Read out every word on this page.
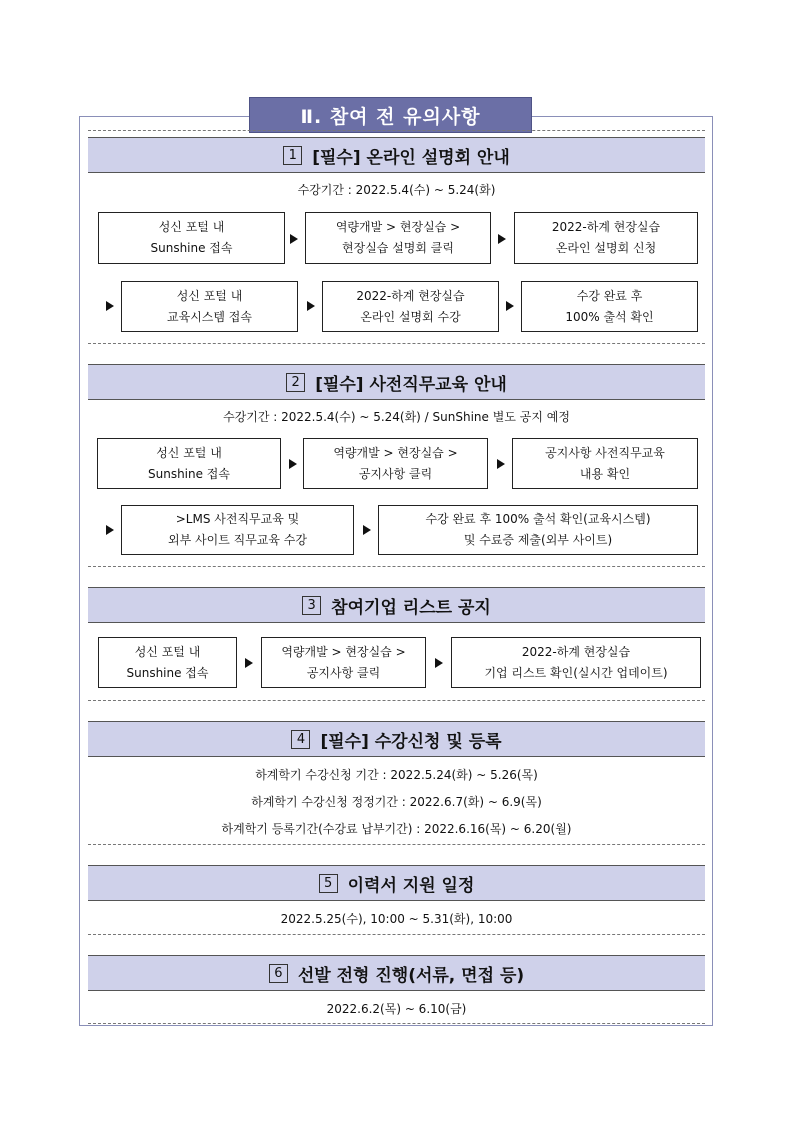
Ⅱ. 참여 전 유의사항
1 [필수] 온라인 설명회 안내
수강기간 : 2022.5.4(수) ~ 5.24(화)
성신 포털 내
Sunshine 접속
역량개발 > 현장실습 >
현장실습 설명회 클릭
2022-하계 현장실습
온라인 설명회 신청
성신 포털 내
교육시스템 접속
2022-하계 현장실습
온라인 설명회 수강
수강 완료 후
100% 출석 확인
2 [필수] 사전직무교육 안내
수강기간 : 2022.5.4(수) ~ 5.24(화) / SunShine 별도 공지 예정
성신 포털 내
Sunshine 접속
역량개발 > 현장실습 >
공지사항 클릭
공지사항 사전직무교육
내용 확인
>LMS 사전직무교육 및
외부 사이트 직무교육 수강
수강 완료 후 100% 출석 확인(교육시스템)
및 수료증 제출(외부 사이트)
3 참여기업 리스트 공지
성신 포털 내
Sunshine 접속
역량개발 > 현장실습 >
공지사항 클릭
2022-하계 현장실습
기업 리스트 확인(실시간 업데이트)
4 [필수] 수강신청 및 등록
하계학기 수강신청 기간 : 2022.5.24(화) ~ 5.26(목)
하계학기 수강신청 정정기간 : 2022.6.7(화) ~ 6.9(목)
하계학기 등록기간(수강료 납부기간) : 2022.6.16(목) ~ 6.20(월)
5 이력서 지원 일정
2022.5.25(수), 10:00 ~ 5.31(화), 10:00
6 선발 전형 진행(서류, 면접 등)
2022.6.2(목) ~ 6.10(금)
